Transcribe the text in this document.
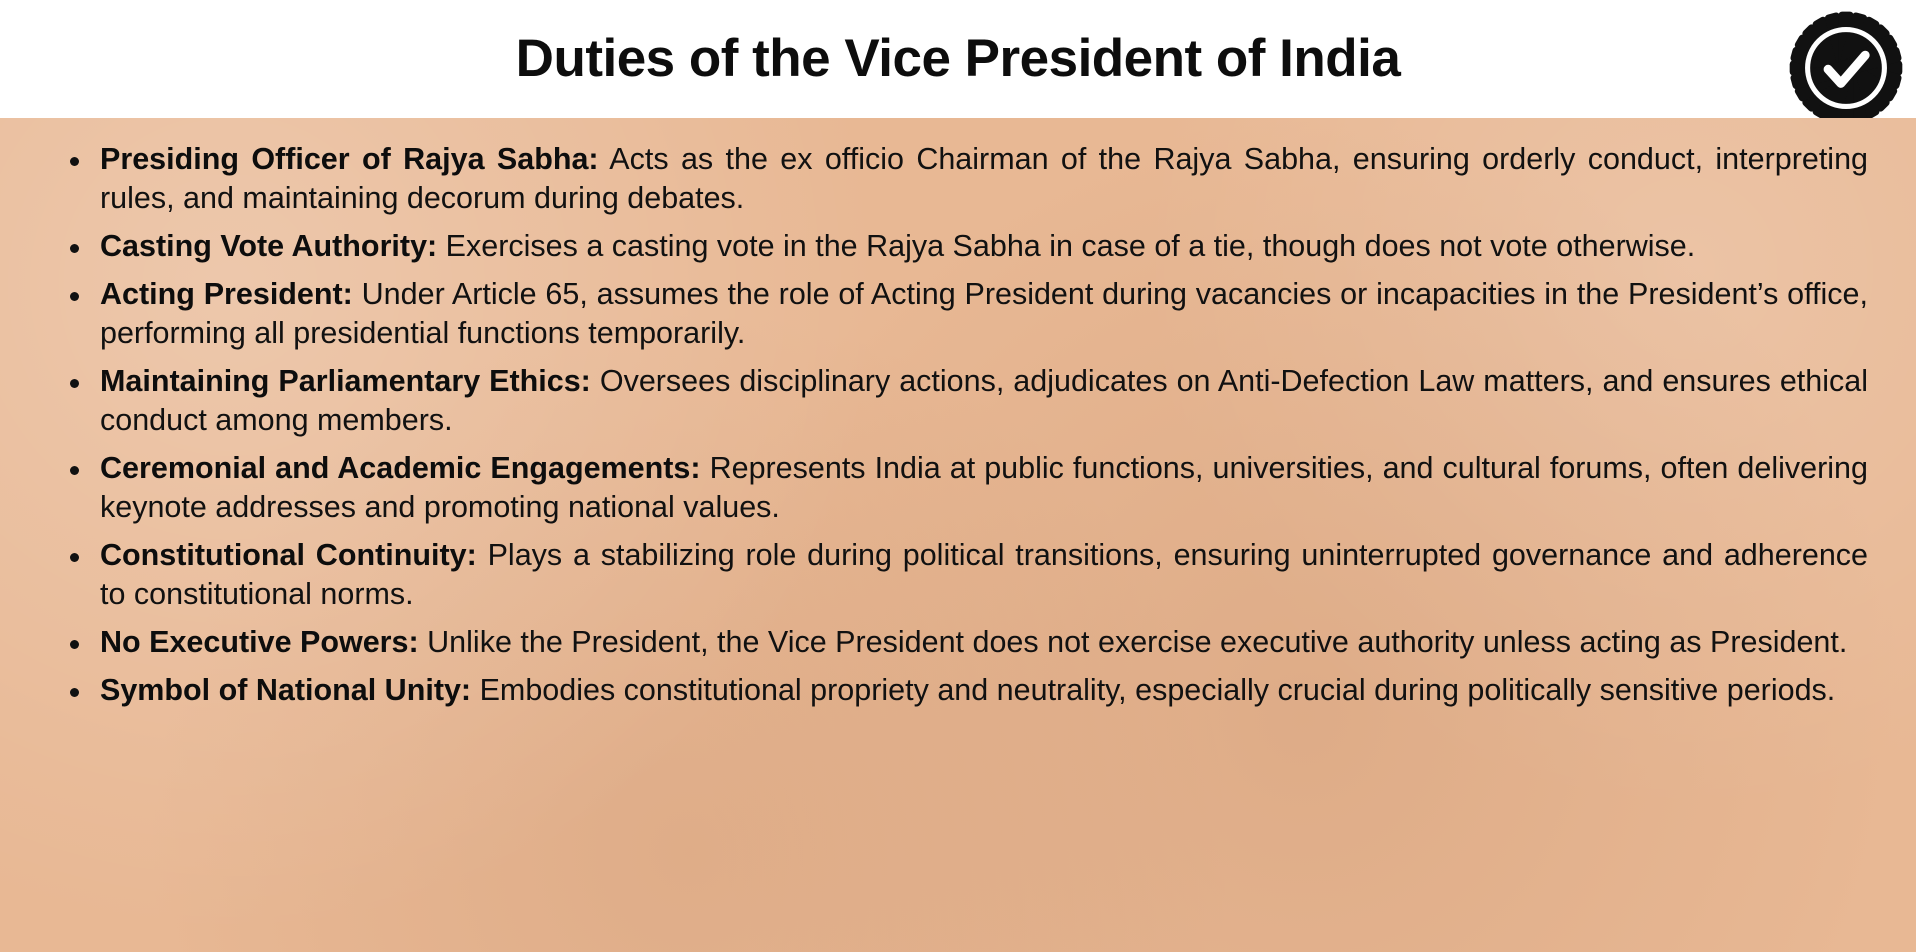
Duties of the Vice President of India
Presiding Officer of Rajya Sabha: Acts as the ex officio Chairman of the Rajya Sabha, ensuring orderly conduct, interpreting rules, and maintaining decorum during debates.
Casting Vote Authority: Exercises a casting vote in the Rajya Sabha in case of a tie, though does not vote otherwise.
Acting President: Under Article 65, assumes the role of Acting President during vacancies or incapacities in the President’s office, performing all presidential functions temporarily.
Maintaining Parliamentary Ethics: Oversees disciplinary actions, adjudicates on Anti-Defection Law matters, and ensures ethical conduct among members.
Ceremonial and Academic Engagements: Represents India at public functions, universities, and cultural forums, often delivering keynote addresses and promoting national values.
Constitutional Continuity: Plays a stabilizing role during political transitions, ensuring uninterrupted governance and adherence to constitutional norms.
No Executive Powers: Unlike the President, the Vice President does not exercise executive authority unless acting as President.
Symbol of National Unity: Embodies constitutional propriety and neutrality, especially crucial during politically sensitive periods.
